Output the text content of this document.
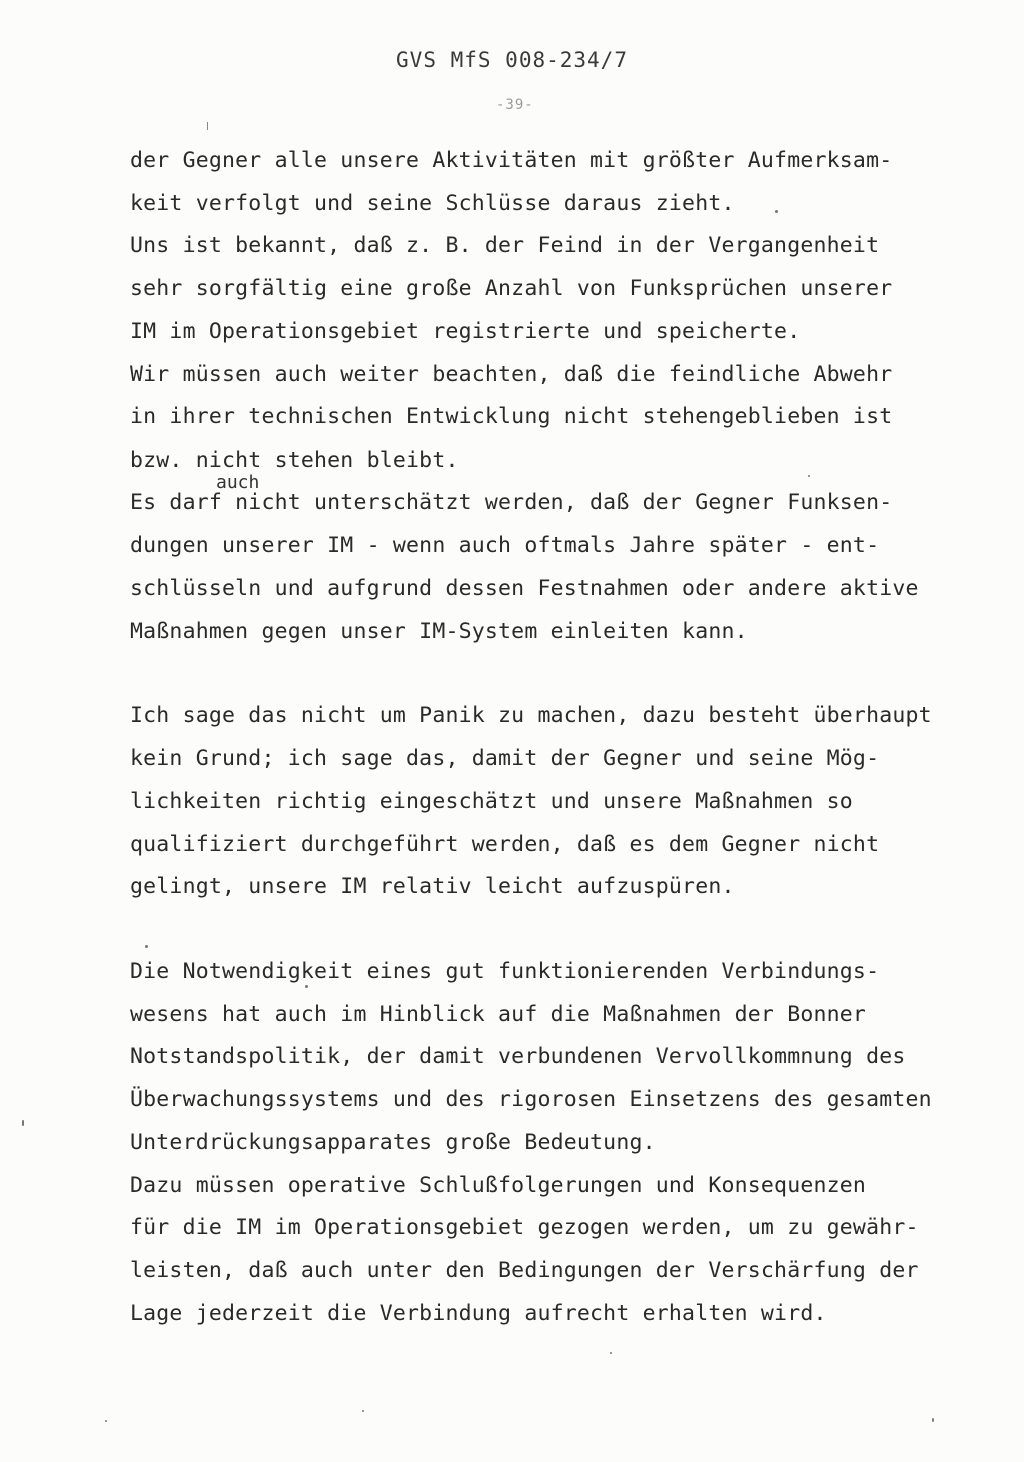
GVS MfS 008-234/7
-39-
der Gegner alle unsere Aktivitäten mit größter Aufmerksam-
keit verfolgt und seine Schlüsse daraus zieht.
Uns ist bekannt, daß z. B. der Feind in der Vergangenheit
sehr sorgfältig eine große Anzahl von Funksprüchen unserer
IM im Operationsgebiet registrierte und speicherte.
Wir müssen auch weiter beachten, daß die feindliche Abwehr
in ihrer technischen Entwicklung nicht stehengeblieben ist
bzw. nicht stehen bleibt.
auch
Es darf nicht unterschätzt werden, daß der Gegner Funksen-
dungen unserer IM - wenn auch oftmals Jahre später - ent-
schlüsseln und aufgrund dessen Festnahmen oder andere aktive
Maßnahmen gegen unser IM-System einleiten kann.
Ich sage das nicht um Panik zu machen, dazu besteht überhaupt
kein Grund; ich sage das, damit der Gegner und seine Mög-
lichkeiten richtig eingeschätzt und unsere Maßnahmen so
qualifiziert durchgeführt werden, daß es dem Gegner nicht
gelingt, unsere IM relativ leicht aufzuspüren.
Die Notwendigkeit eines gut funktionierenden Verbindungs-
wesens hat auch im Hinblick auf die Maßnahmen der Bonner
Notstandspolitik, der damit verbundenen Vervollkommnung des
Überwachungssystems und des rigorosen Einsetzens des gesamten
Unterdrückungsapparates große Bedeutung.
Dazu müssen operative Schlußfolgerungen und Konsequenzen
für die IM im Operationsgebiet gezogen werden, um zu gewähr-
leisten, daß auch unter den Bedingungen der Verschärfung der
Lage jederzeit die Verbindung aufrecht erhalten wird.
